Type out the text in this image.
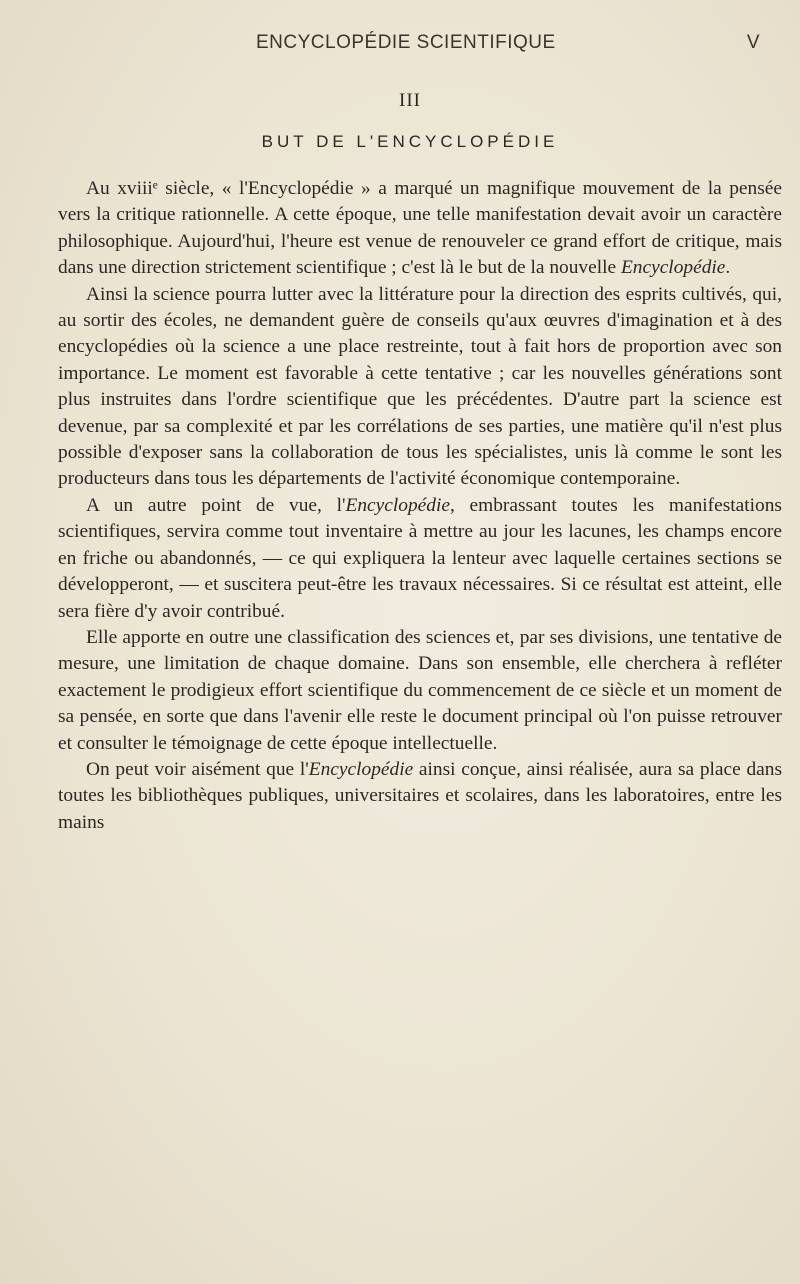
ENCYCLOPÉDIE SCIENTIFIQUE	V
III
BUT DE L'ENCYCLOPÉDIE

Au xviiiᵉ siècle, « l'Encyclopédie » a marqué un magnifique mouvement de la pensée vers la critique rationnelle. A cette époque, une telle manifestation devait avoir un caractère philosophique. Aujourd'hui, l'heure est venue de renouveler ce grand effort de critique, mais dans une direction strictement scientifique ; c'est là le but de la nouvelle Encyclopédie.

Ainsi la science pourra lutter avec la littérature pour la direction des esprits cultivés, qui, au sortir des écoles, ne demandent guère de conseils qu'aux œuvres d'imagination et à des encyclopédies où la science a une place restreinte, tout à fait hors de proportion avec son importance. Le moment est favorable à cette tentative ; car les nouvelles générations sont plus instruites dans l'ordre scientifique que les précédentes. D'autre part la science est devenue, par sa complexité et par les corrélations de ses parties, une matière qu'il n'est plus possible d'exposer sans la collaboration de tous les spécialistes, unis là comme le sont les producteurs dans tous les départements de l'activité économique contemporaine.

A un autre point de vue, l'Encyclopédie, embrassant toutes les manifestations scientifiques, servira comme tout inventaire à mettre au jour les lacunes, les champs encore en friche ou abandonnés, — ce qui expliquera la lenteur avec laquelle certaines sections se développeront, — et suscitera peut-être les travaux nécessaires. Si ce résultat est atteint, elle sera fière d'y avoir contribué.

Elle apporte en outre une classification des sciences et, par ses divisions, une tentative de mesure, une limitation de chaque domaine. Dans son ensemble, elle cherchera à refléter exactement le prodigieux effort scientifique du commencement de ce siècle et un moment de sa pensée, en sorte que dans l'avenir elle reste le document principal où l'on puisse retrouver et consulter le témoignage de cette époque intellectuelle.

On peut voir aisément que l'Encyclopédie ainsi conçue, ainsi réalisée, aura sa place dans toutes les bibliothèques publiques, universitaires et scolaires, dans les laboratoires, entre les mains
